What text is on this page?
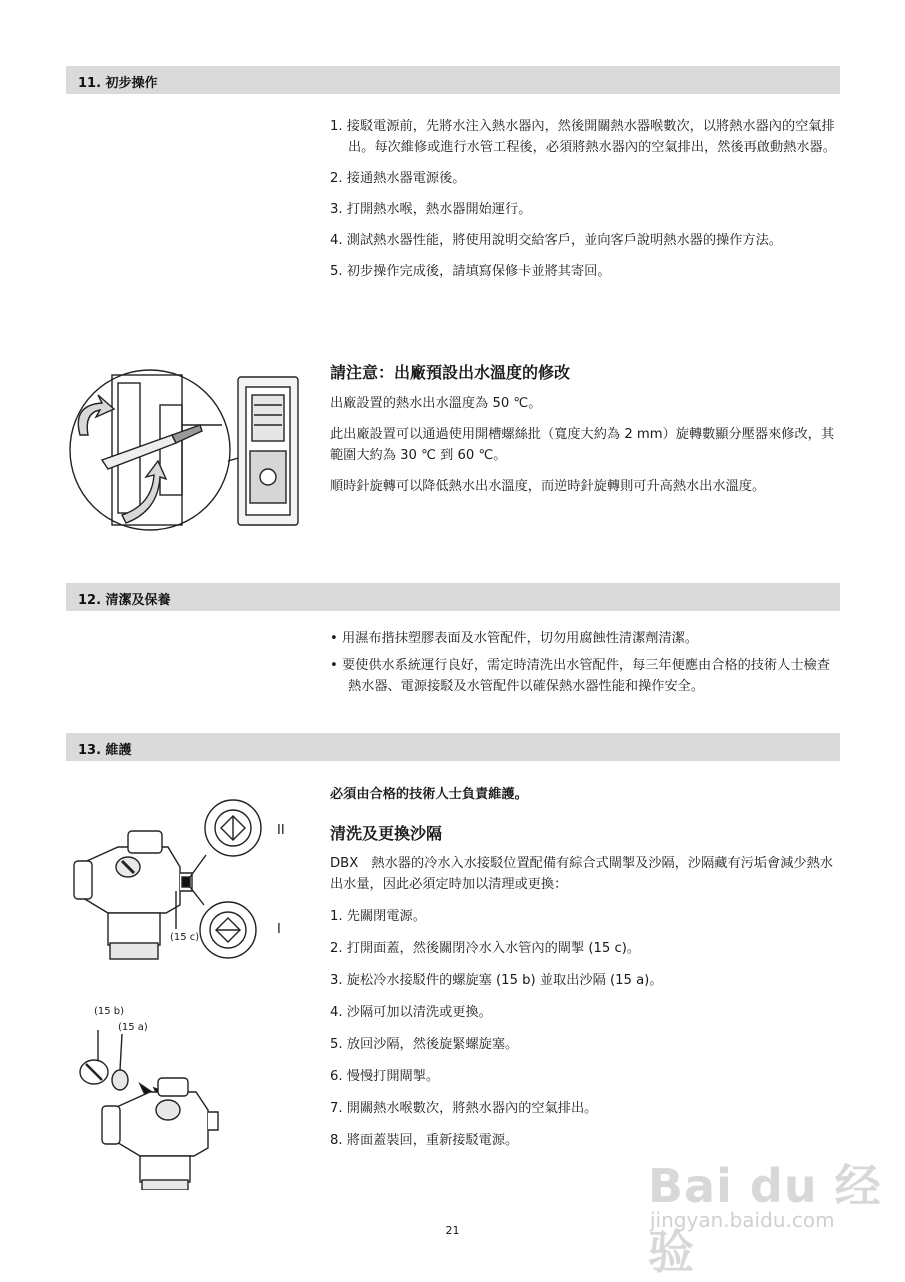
11. 初步操作

1. 接駁電源前，先將水注入熱水器內，然後開關熱水器喉數次，以將熱水器內的空氣排出。每次維修或進行水管工程後，必須將熱水器內的空氣排出，然後再啟動熱水器。

2. 接通熱水器電源後。

3. 打開熱水喉，熱水器開始運行。

4. 測試熱水器性能，將使用說明交給客戶，並向客戶說明熱水器的操作方法。

5. 初步操作完成後，請填寫保修卡並將其寄回。

請注意：出廠預設出水溫度的修改

出廠設置的熱水出水溫度為 50 ℃。

此出廠設置可以通過使用開槽螺絲批（寬度大約為 2 mm）旋轉數顯分壓器來修改，其範圍大約為 30 ℃ 到 60 ℃。

順時針旋轉可以降低熱水出水溫度，而逆時針旋轉則可升高熱水出水溫度。

12. 清潔及保養

• 用濕布揩抹塑膠表面及水管配件，切勿用腐蝕性清潔劑清潔。

• 要使供水系統運行良好，需定時清洗出水管配件，每三年便應由合格的技術人士檢查熱水器、電源接駁及水管配件以確保熱水器性能和操作安全。

13. 維護

必須由合格的技術人士負責維護。

清洗及更換沙隔

DBX　熱水器的冷水入水接駁位置配備有綜合式閘掣及沙隔，沙隔藏有污垢會減少熱水出水量，因此必須定時加以清理或更換：

1. 先關閉電源。

2. 打開面蓋，然後關閉冷水入水管內的閘掣 (15 c)。

3. 旋松冷水接駁件的螺旋塞 (15 b) 並取出沙隔 (15 a)。

4. 沙隔可加以清洗或更換。

5. 放回沙隔，然後旋緊螺旋塞。

6. 慢慢打開閘掣。

7. 開關熱水喉數次，將熱水器內的空氣排出。

8. 將面蓋裝回，重新接駁電源。

II
I
(15 c)
(15 b)
(15 a)
21
Bai du 经验
jingyan.baidu.com
